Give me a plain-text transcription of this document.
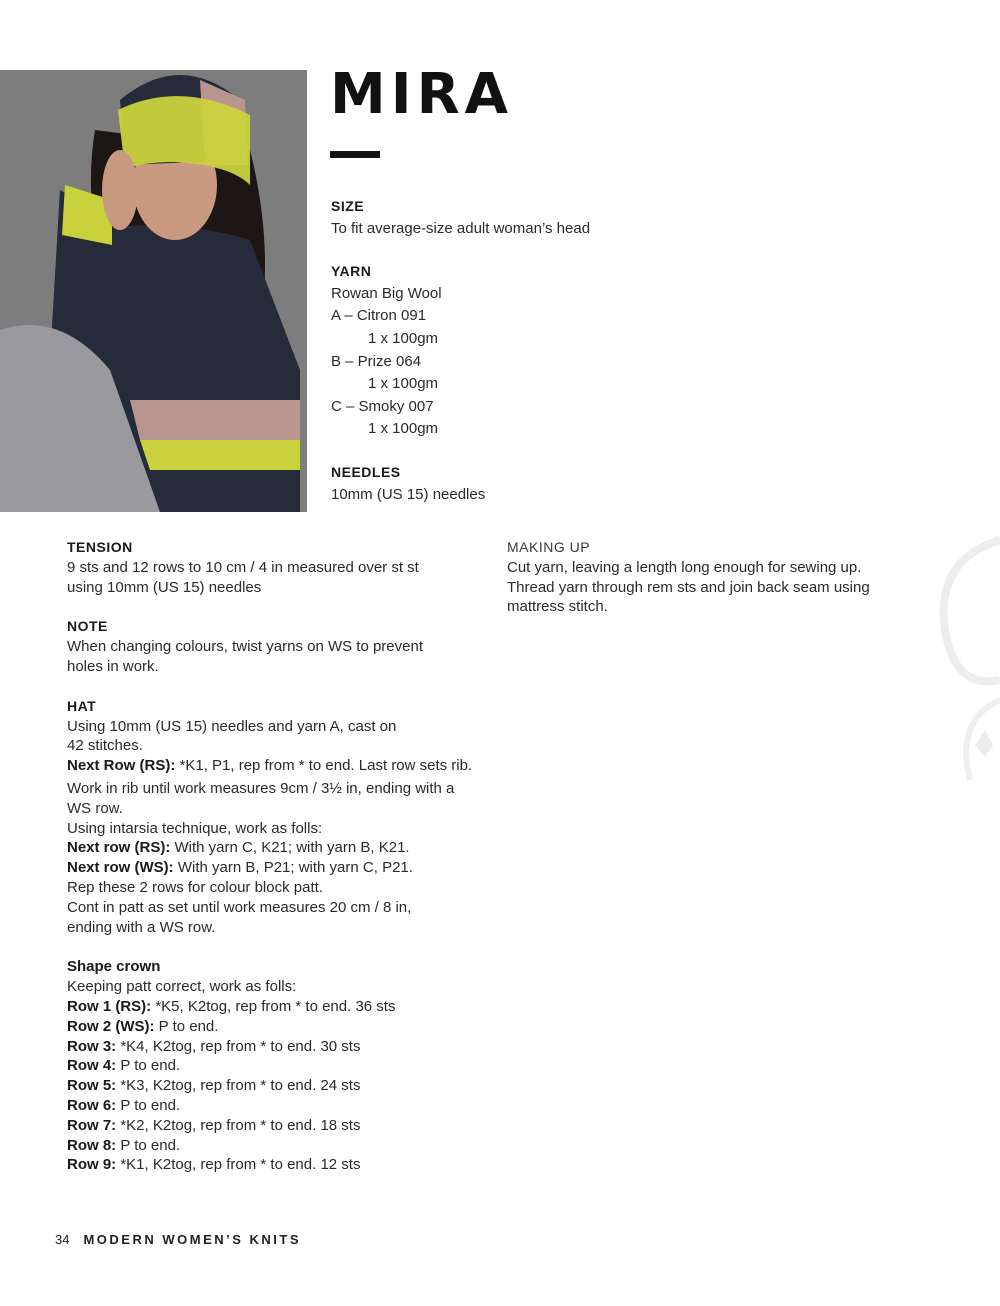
MIRA
SIZE
To fit average-size adult woman’s head
YARN
Rowan Big Wool
A – Citron 091
1 x 100gm
B – Prize 064
1 x 100gm
C – Smoky 007
1 x 100gm
NEEDLES
10mm (US 15) needles

TENSION

9 sts and 12 rows to 10 cm / 4 in measured over st st

using 10mm (US 15) needles

NOTE

When changing colours, twist yarns on WS to prevent

holes in work.

HAT

Using 10mm (US 15) needles and yarn A, cast on

42 stitches.

Next Row (RS): *K1, P1, rep from * to end. Last row sets rib.

Work in rib until work measures 9cm / 3½ in, ending with a

WS row.

Using intarsia technique, work as folls:

Next row (RS): With yarn C, K21; with yarn B, K21.

Next row (WS): With yarn B, P21; with yarn C, P21.

Rep these 2 rows for colour block patt.

Cont in patt as set until work measures 20 cm / 8 in,

ending with a WS row.

Shape crown

Keeping patt correct, work as folls:

Row 1 (RS): *K5, K2tog, rep from * to end. 36 sts

Row 2 (WS): P to end.

Row 3: *K4, K2tog, rep from * to end. 30 sts

Row 4: P to end.

Row 5: *K3, K2tog, rep from * to end. 24 sts

Row 6: P to end.

Row 7: *K2, K2tog, rep from * to end. 18 sts

Row 8: P to end.

Row 9: *K1, K2tog, rep from * to end. 12 sts

MAKING UP

Cut yarn, leaving a length long enough for sewing up.

Thread yarn through rem sts and join back seam using

mattress stitch.

34 MODERN WOMEN’S KNITS
